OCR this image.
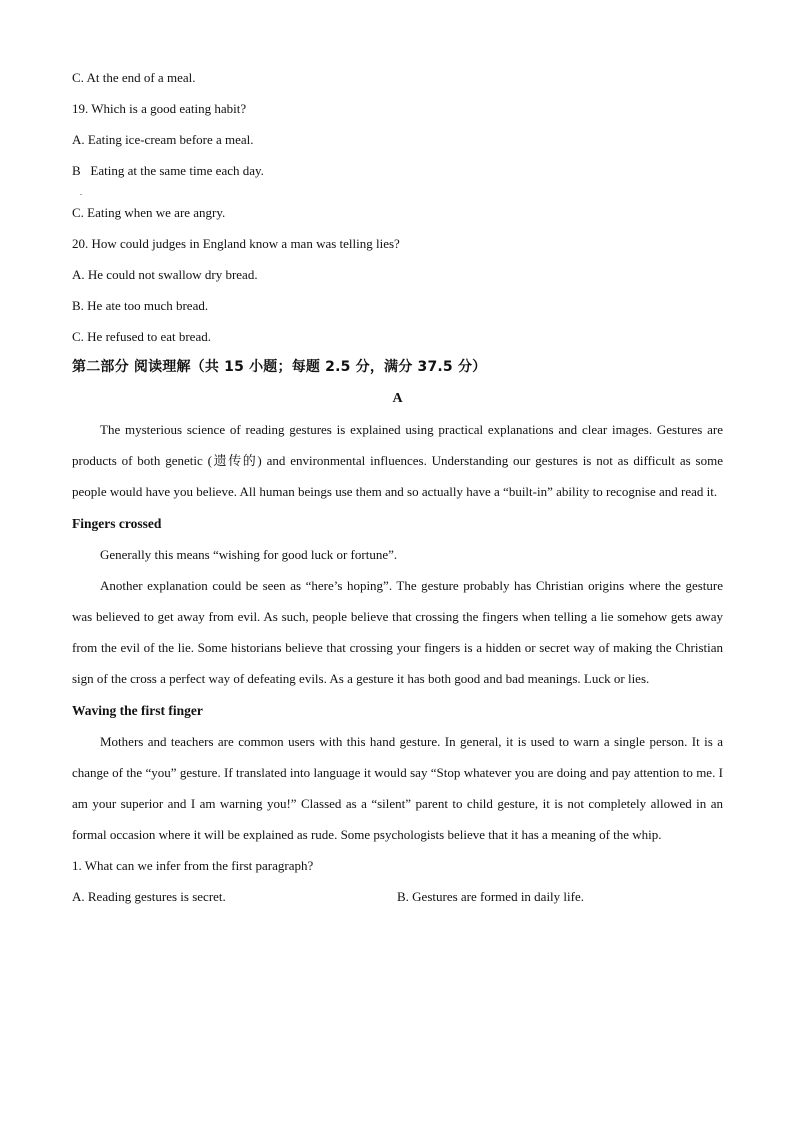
C. At the end of a meal.

19. Which is a good eating habit?

A. Eating ice-cream before a meal.

B   Eating at the same time each day.

.

C. Eating when we are angry.

20. How could judges in England know a man was telling lies?

A. He could not swallow dry bread.

B. He ate too much bread.

C. He refused to eat bread.

第二部分 阅读理解（共 15 小题；每题 2.5 分，满分 37.5 分）

A

The mysterious science of reading gestures is explained using practical explanations and clear images. Gestures are products of both genetic (遗传的) and environmental influences. Understanding our gestures is not as difficult as some people would have you believe. All human beings use them and so actually have a “built-in” ability to recognise and read it.

Fingers crossed

Generally this means “wishing for good luck or fortune”.

Another explanation could be seen as “here’s hoping”. The gesture probably has Christian origins where the gesture was believed to get away from evil. As such, people believe that crossing the fingers when telling a lie somehow gets away from the evil of the lie. Some historians believe that crossing your fingers is a hidden or secret way of making the Christian sign of the cross a perfect way of defeating evils. As a gesture it has both good and bad meanings. Luck or lies.

Waving the first finger

Mothers and teachers are common users with this hand gesture. In general, it is used to warn a single person. It is a change of the “you” gesture. If translated into language it would say “Stop whatever you are doing and pay attention to me. I am your superior and I am warning you!” Classed as a “silent” parent to child gesture, it is not completely allowed in an formal occasion where it will be explained as rude. Some psychologists believe that it has a meaning of the whip.

1. What can we infer from the first paragraph?

A. Reading gestures is secret.	B. Gestures are formed in daily life.
